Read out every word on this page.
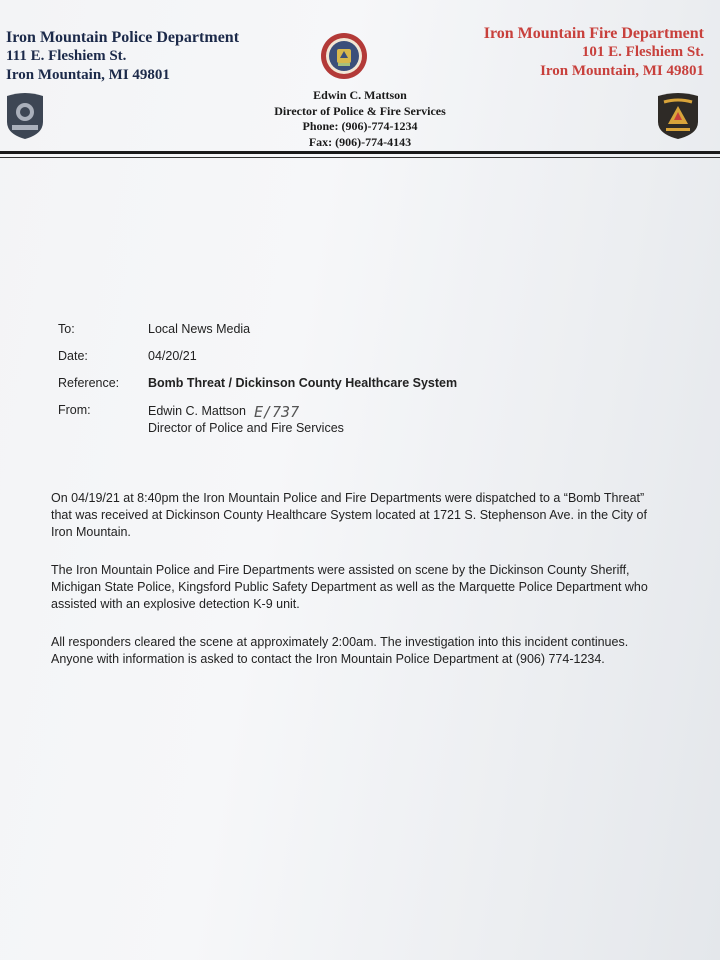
Iron Mountain Police Department
111 E. Fleshiem St.
Iron Mountain, MI 49801
Iron Mountain Fire Department
101 E. Fleshiem St.
Iron Mountain, MI 49801
Edwin C. Mattson
Director of Police & Fire Services
Phone: (906)-774-1234
Fax: (906)-774-4143
To:	Local News Media
Date:	04/20/21
Reference: Bomb Threat / Dickinson County Healthcare System
From:	Edwin C. Mattson E/737
Director of Police and Fire Services

On 04/19/21 at 8:40pm the Iron Mountain Police and Fire Departments were dispatched to a “Bomb Threat” that was received at Dickinson County Healthcare System located at 1721 S. Stephenson Ave. in the City of Iron Mountain.

The Iron Mountain Police and Fire Departments were assisted on scene by the Dickinson County Sheriff, Michigan State Police, Kingsford Public Safety Department as well as the Marquette Police Department who assisted with an explosive detection K-9 unit.

All responders cleared the scene at approximately 2:00am. The investigation into this incident continues. Anyone with information is asked to contact the Iron Mountain Police Department at (906) 774-1234.
